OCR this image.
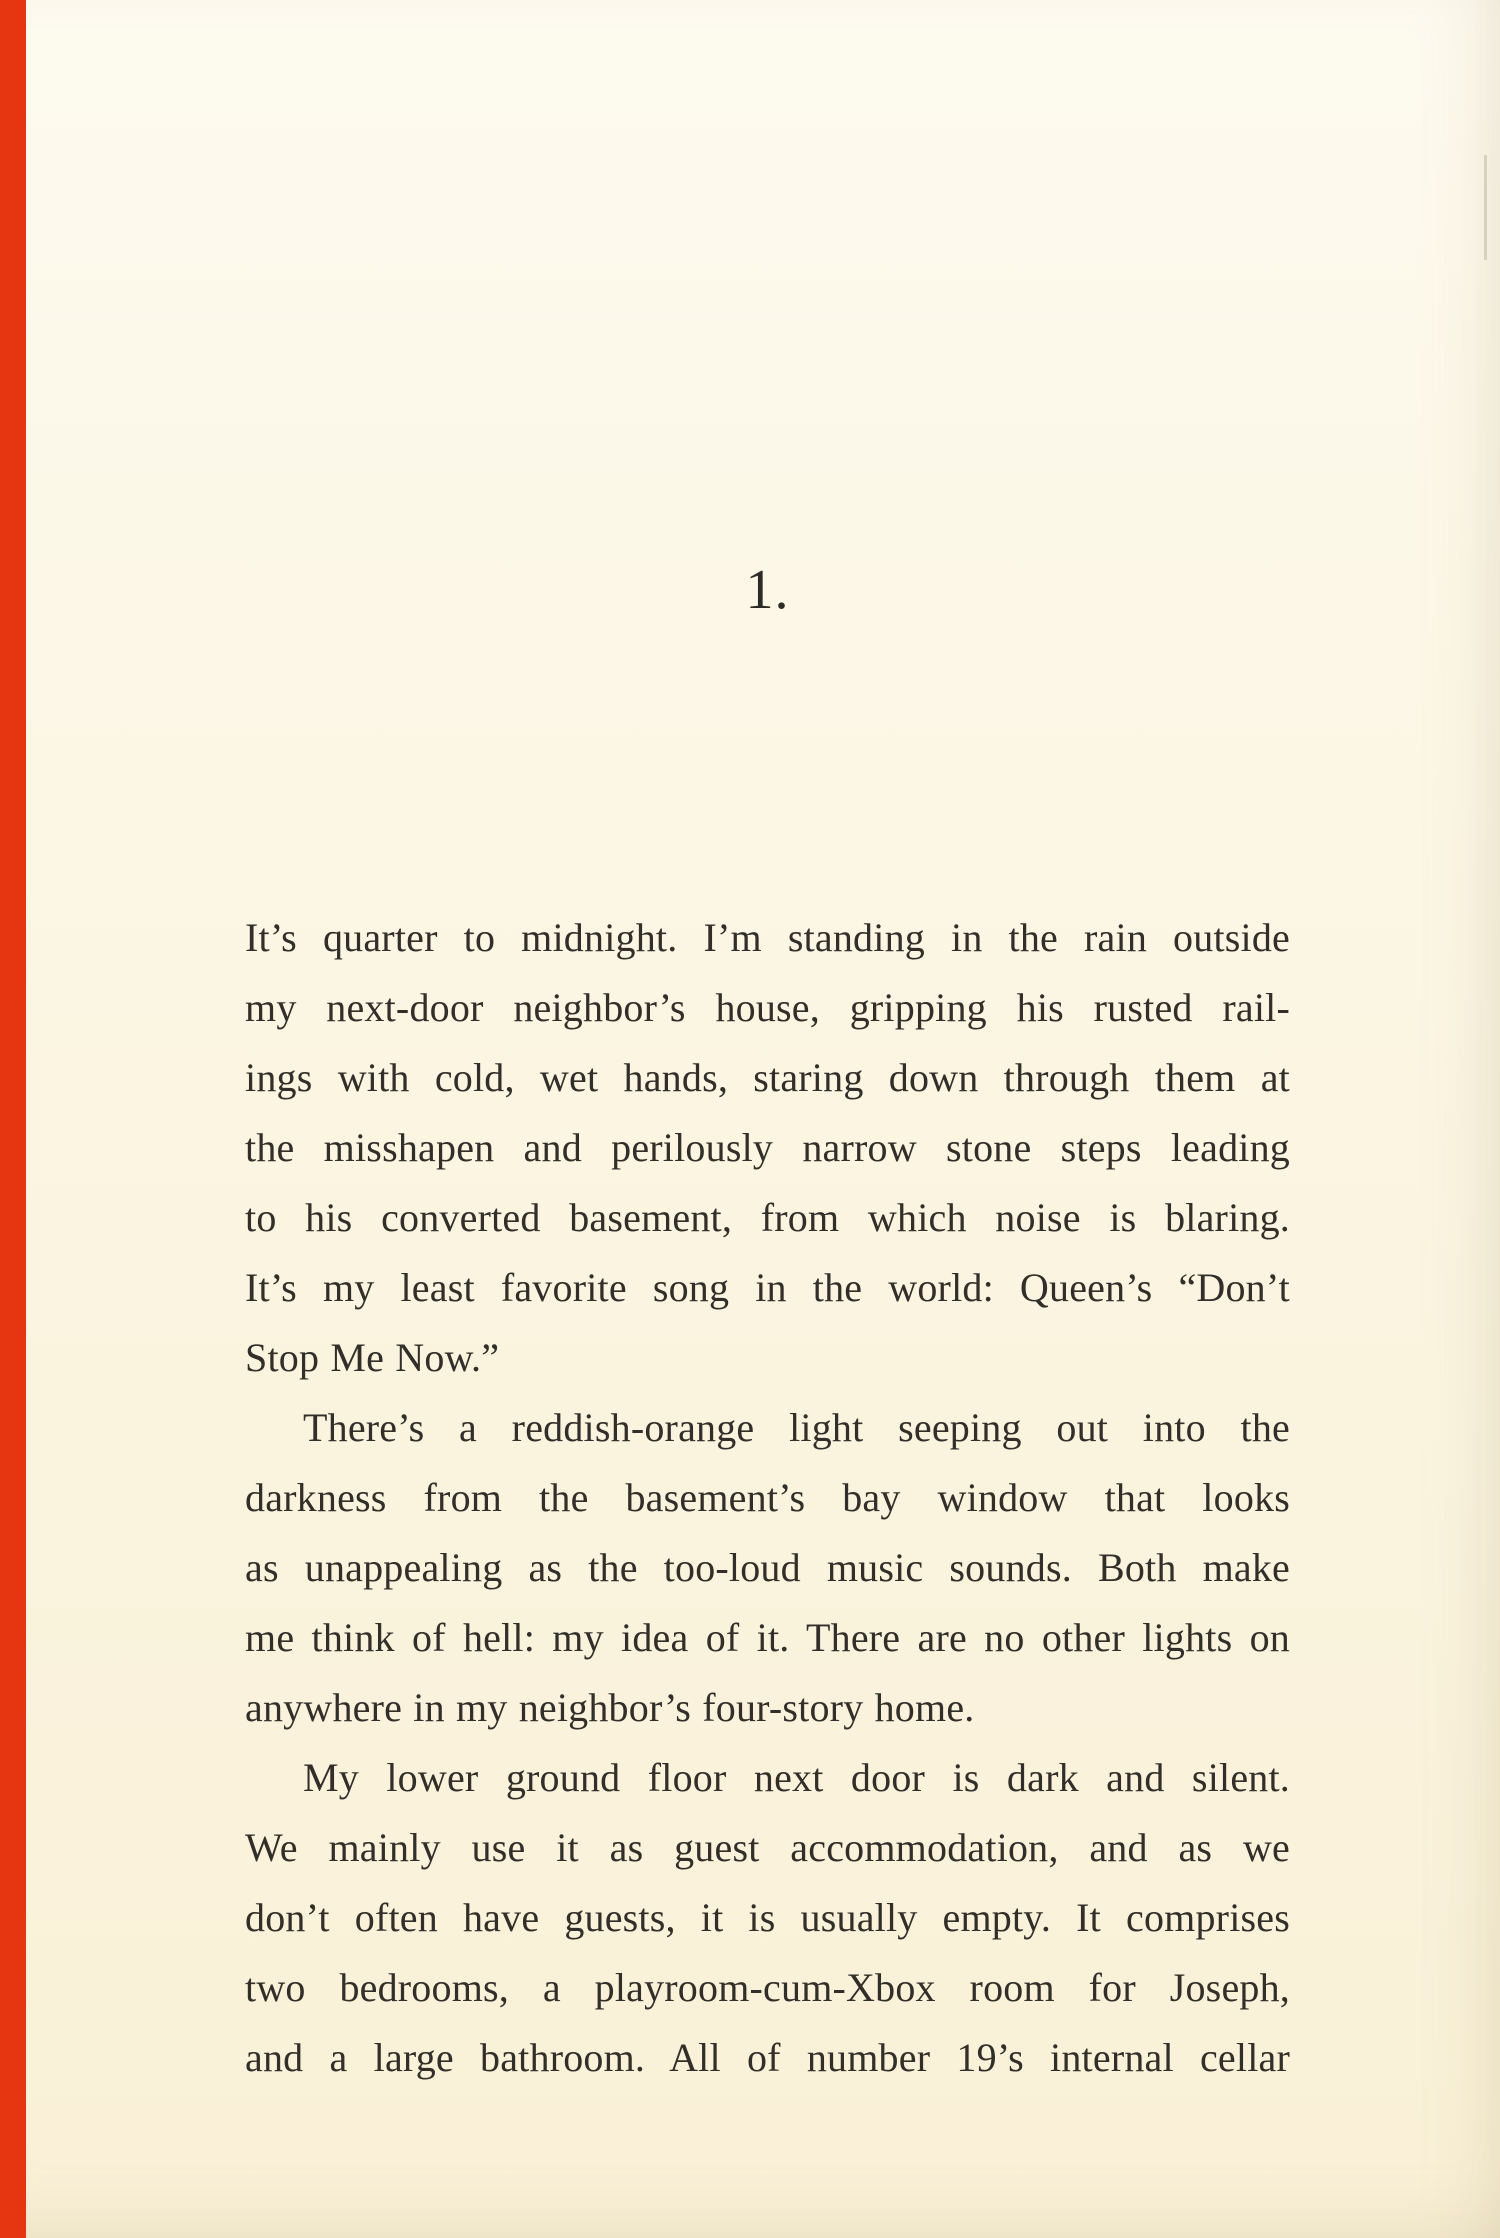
1.
It’s quarter to midnight. I’m standing in the rain outside
my next-door neighbor’s house, gripping his rusted rail-
ings with cold, wet hands, staring down through them at
the misshapen and perilously narrow stone steps leading
to his converted basement, from which noise is blaring.
It’s my least favorite song in the world: Queen’s “Don’t
Stop Me Now.”
There’s a reddish-orange light seeping out into the
darkness from the basement’s bay window that looks
as unappealing as the too-loud music sounds. Both make
me think of hell: my idea of it. There are no other lights on
anywhere in my neighbor’s four-story home.
My lower ground floor next door is dark and silent.
We mainly use it as guest accommodation, and as we
don’t often have guests, it is usually empty. It comprises
two bedrooms, a playroom-cum-Xbox room for Joseph,
and a large bathroom. All of number 19’s internal cellar
